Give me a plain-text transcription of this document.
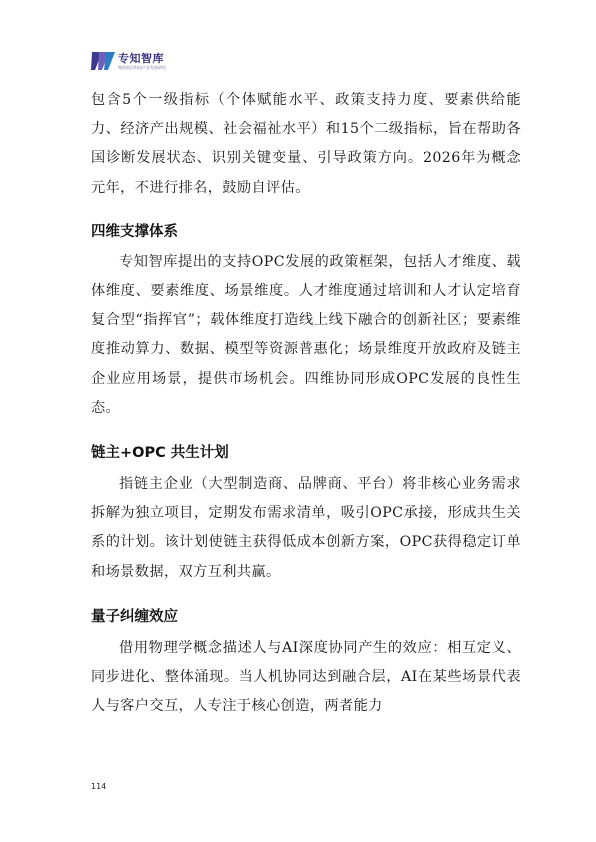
专知智库
聚焦前沿科技产业发展研究

包含5个一级指标（个体赋能水平、政策支持力度、要素供给能力、经济产出规模、社会福祉水平）和15个二级指标，旨在帮助各国诊断发展状态、识别关键变量、引导政策方向。2026年为概念元年，不进行排名，鼓励自评估。

四维支撑体系

专知智库提出的支持OPC发展的政策框架，包括人才维度、载体维度、要素维度、场景维度。人才维度通过培训和人才认定培育复合型“指挥官”；载体维度打造线上线下融合的创新社区；要素维度推动算力、数据、模型等资源普惠化；场景维度开放政府及链主企业应用场景，提供市场机会。四维协同形成OPC发展的良性生态。

链主+OPC 共生计划

指链主企业（大型制造商、品牌商、平台）将非核心业务需求拆解为独立项目，定期发布需求清单，吸引OPC承接，形成共生关系的计划。该计划使链主获得低成本创新方案，OPC获得稳定订单和场景数据，双方互利共赢。

量子纠缠效应

借用物理学概念描述人与AI深度协同产生的效应：相互定义、同步进化、整体涌现。当人机协同达到融合层，AI在某些场景代表人与客户交互，人专注于核心创造，两者能力

114
